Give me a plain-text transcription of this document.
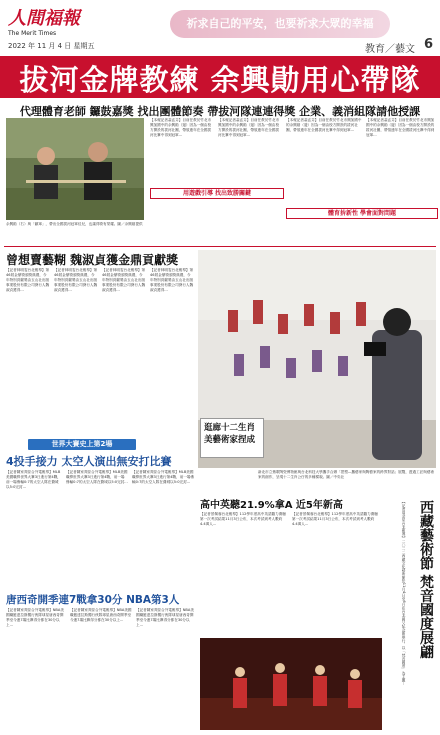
人間福報
The Merit Times
2022 年 11 月 4 日 星期五
祈求自己的平安，也要祈求大眾的幸福
教育／藝文 6
拔河金牌教練 余興勛用心帶隊
代理體育老師 鑼鼓嘉獎 找出團體節奏 帶拔河隊連連得獎 企業、義消組隊請他授課
余興勛（右）與「鐵軍」，帶出全國拔河冠軍佳兒，也讓得獎有榮耀。圖／余興勛提供
【本報記者蕭孟芬】目前任教於竹北市興加國中的余興勛（邊）因為一個由校方開設的拔河社團，帶領連年在全國拔河比賽中得到冠軍...
【本報記者蕭孟芬】目前任教於竹北市興加國中的余興勛（邊）因為一個由校方開設的拔河社團，帶領連年在全國拔河比賽中得到冠軍...
【本報記者蕭孟芬】目前任教於竹北市興加國中的余興勛（邊）因為一個由校方開設的拔河社團，帶領連年在全國拔河比賽中得到冠軍...
【本報記者蕭孟芬】目前任教於竹北市興加國中的余興勛（邊）因為一個由校方開設的拔河社團，帶領連年在全國拔河比賽中得到冠軍...
用遊戲引導 找出致勝關鍵
體育拚新性 學會面對問題
曾想賣藝糊 魏淑貞獲金鼎貢獻獎
【記者林明雯台北報導】第46屆金鼎獎頒獎典禮，今年特別貢獻獎由玉山社出版事業股份有限公司發行人魏淑貞獲得...
【記者林明雯台北報導】第46屆金鼎獎頒獎典禮，今年特別貢獻獎由玉山社出版事業股份有限公司發行人魏淑貞獲得...
【記者林明雯台北報導】第46屆金鼎獎頒獎典禮，今年特別貢獻獎由玉山社出版事業股份有限公司發行人魏淑貞獲得...
【記者林明雯台北報導】第46屆金鼎獎頒獎典禮，今年特別貢獻獎由玉山社出版事業股份有限公司發行人魏淑貞獲得...
逛廊十二生肖 美藝術家捏成
新北市立鶯歌陶瓷博物館與台北科技大學攜手合辦「捏塑—攜藝家與陶藝家的跨界對話」展覽，透過工匠與藝術家的創作，呈現十二生肖公仔的多種樣貌。圖／中央社
世界大賽史上第2場
4投手接力 太空人演出無安打比賽
【記者陳家齊綜合外電報導】MLB美國職棒世界大賽3日進行第4戰，前一場慘輸0:7的太空人隊在費城以5:0完封...
【記者陳家齊綜合外電報導】MLB美國職棒世界大賽3日進行第4戰，前一場慘輸0:7的太空人隊在費城以5:0完封...
【記者陳家齊綜合外電報導】MLB美國職棒世界大賽3日進行第4戰，前一場慘輸0:7的太空人隊在費城以5:0完封...
唐西奇開季連7戰拿30分 NBA第3人
【記者陳家齊綜合外電報導】NBA美國職籃達拉斯獨行俠隊球星唐西奇開季至今連7場比賽得分都在30分以上...
【記者陳家齊綜合外電報導】NBA美國職籃達拉斯獨行俠隊球星唐西奇開季至今連7場比賽得分都在30分以上...
【記者陳家齊綜合外電報導】NBA美國職籃達拉斯獨行俠隊球星唐西奇開季至今連7場比賽得分都在30分以上...
高中英聽21.9%拿A 近5年新高
【記者蔡佩蓉台北報導】112學年度高中英語聽力測驗第一次考試結果11月3日公布，本次考試到考人數約4.4萬人...
【記者蔡佩蓉台北報導】112學年度高中英語聽力測驗第一次考試結果11月3日公布，本次考試到考人數約4.4萬人...	西藏藝術節 梵音國度展翩
【記者周金星台北報導】二〇二二西藏文化藝術節於11月4日至6日在台北國父紀念館舉行，以「梵音國度」為主題...
